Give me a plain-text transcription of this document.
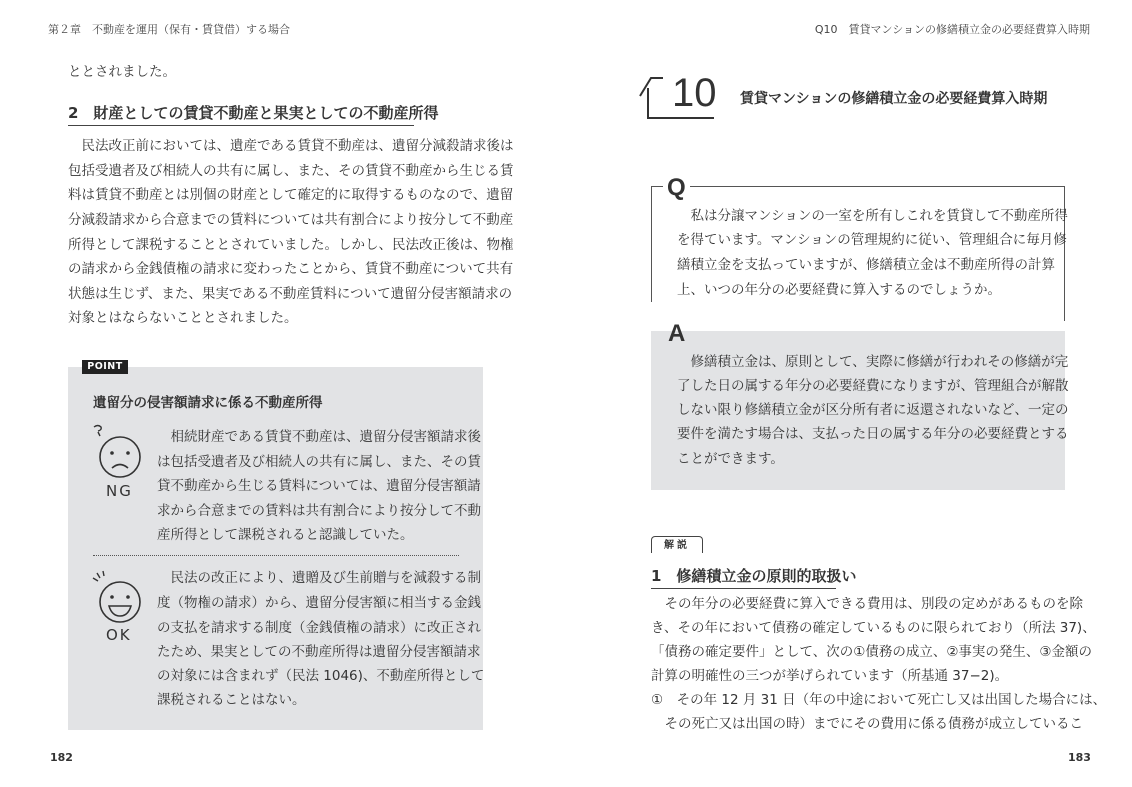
第２章　不動産を運用（保有・賃貸借）する場合
ととされました。
2　財産としての賃貸不動産と果実としての不動産所得
　民法改正前においては、遺産である賃貸不動産は、遺留分減殺請求後は
包括受遺者及び相続人の共有に属し、また、その賃貸不動産から生じる賃
料は賃貸不動産とは別個の財産として確定的に取得するものなので、遺留
分減殺請求から合意までの賃料については共有割合により按分して不動産
所得として課税することとされていました。しかし、民法改正後は、物権
の請求から金銭債権の請求に変わったことから、賃貸不動産について共有
状態は生じず、また、果実である不動産賃料について遺留分侵害額請求の
対象とはならないこととされました。
POINT
遺留分の侵害額請求に係る不動産所得
NG
　相続財産である賃貸不動産は、遺留分侵害額請求後
は包括受遺者及び相続人の共有に属し、また、その賃
貸不動産から生じる賃料については、遺留分侵害額請
求から合意までの賃料は共有割合により按分して不動
産所得として課税されると認識していた。
OK
　民法の改正により、遺贈及び生前贈与を減殺する制
度（物権の請求）から、遺留分侵害額に相当する金銭
の支払を請求する制度（金銭債権の請求）に改正され
たため、果実としての不動産所得は遺留分侵害額請求
の対象には含まれず（民法 1046)、不動産所得として
課税されることはない。
182
Q10　賃貸マンションの修繕積立金の必要経費算入時期
10 賃貸マンションの修繕積立金の必要経費算入時期
Q
　私は分譲マンションの一室を所有しこれを賃貸して不動産所得
を得ています。マンションの管理規約に従い、管理組合に毎月修
繕積立金を支払っていますが、修繕積立金は不動産所得の計算
上、いつの年分の必要経費に算入するのでしょうか。
A
　修繕積立金は、原則として、実際に修繕が行われその修繕が完
了した日の属する年分の必要経費になりますが、管理組合が解散
しない限り修繕積立金が区分所有者に返還されないなど、一定の
要件を満たす場合は、支払った日の属する年分の必要経費とする
ことができます。
解説
1　修繕積立金の原則的取扱い
　その年分の必要経費に算入できる費用は、別段の定めがあるものを除
き、その年において債務の確定しているものに限られており（所法 37)、
「債務の確定要件」として、次の①債務の成立、②事実の発生、③金額の
計算の明確性の三つが挙げられています（所基通 37−2)。
①　その年 12 月 31 日（年の中途において死亡し又は出国した場合には、
　その死亡又は出国の時）までにその費用に係る債務が成立しているこ
183
